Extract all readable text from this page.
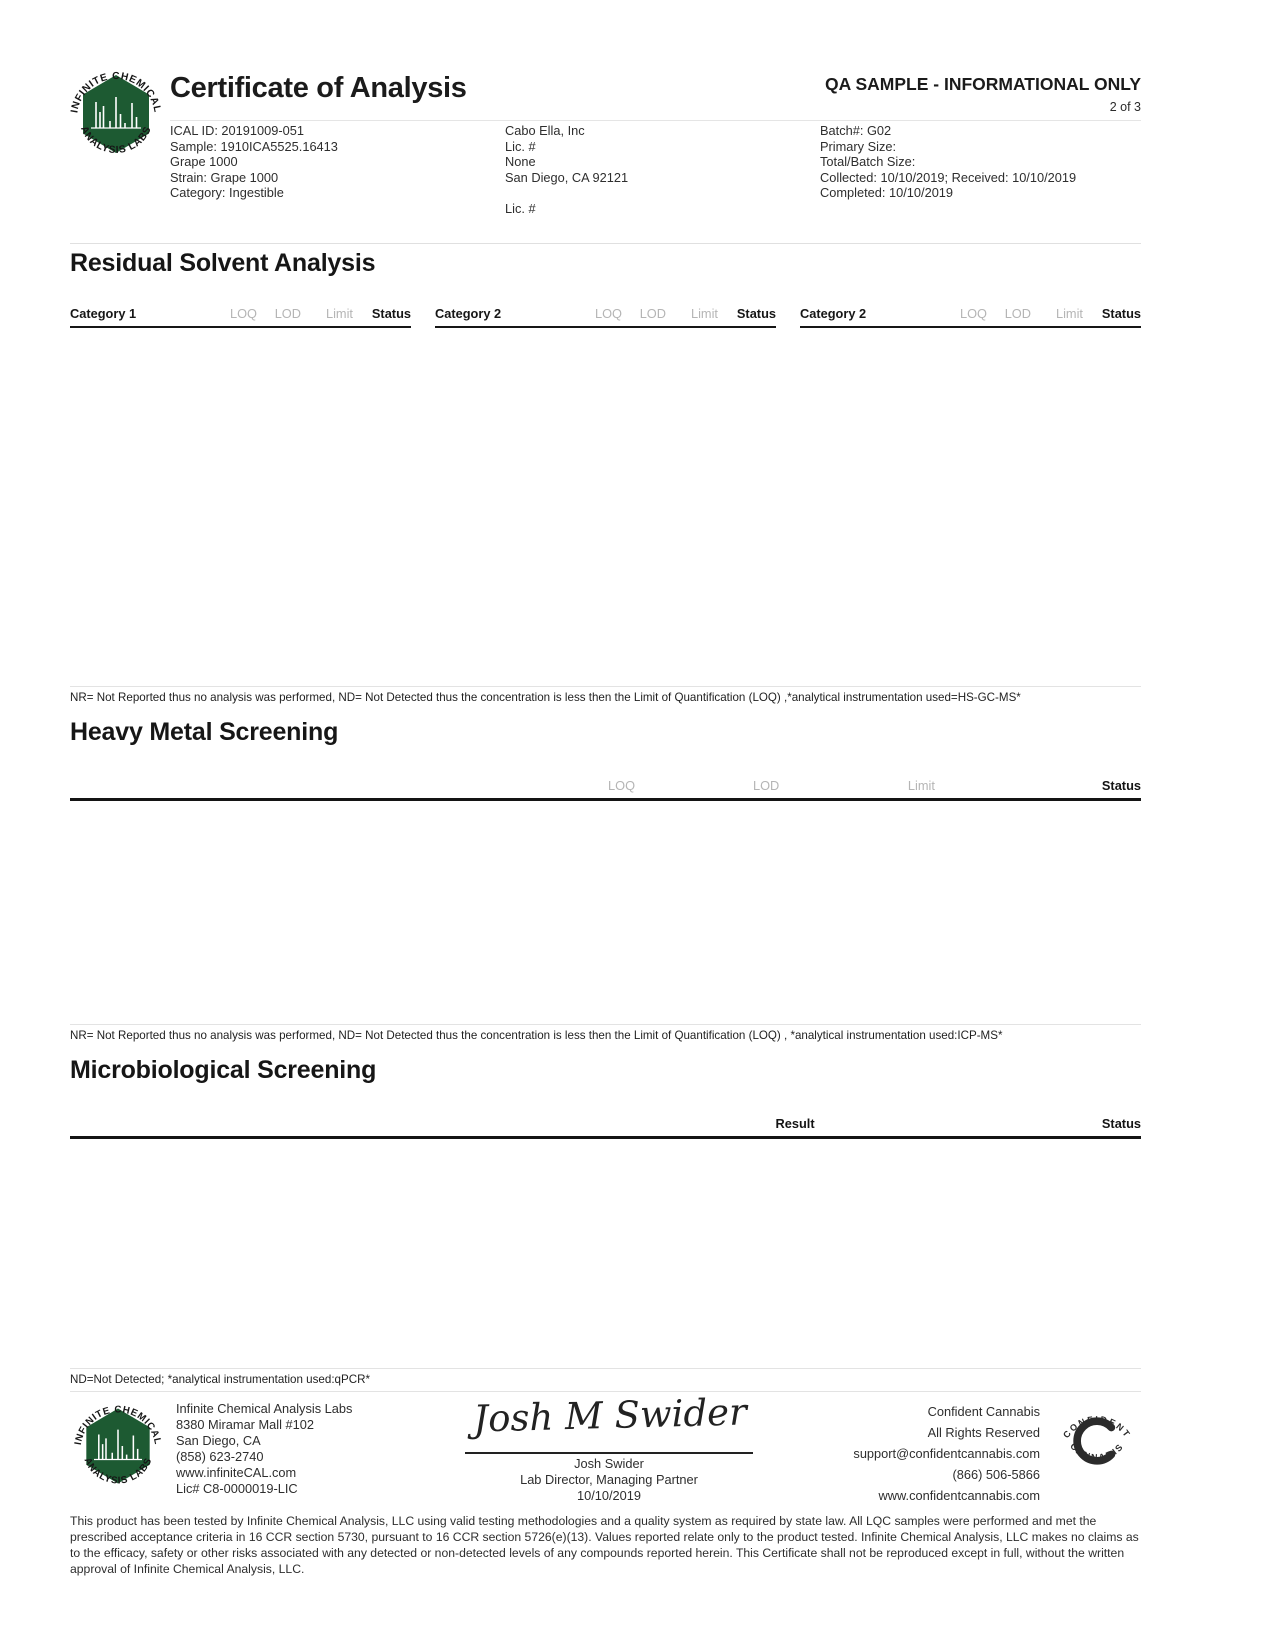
INFINITE CHEMICAL
ANALYSIS LABS
Certificate of Analysis	QA SAMPLE - INFORMATIONAL ONLY
2 of 3
ICAL ID: 20191009-051
Sample: 1910ICA5525.16413
Grape 1000
Strain: Grape 1000
Category: Ingestible
Cabo Ella, Inc
Lic. #
None
San Diego, CA 92121
Lic. #
Batch#: G02
Primary Size:
Total/Batch Size:
Collected: 10/10/2019; Received: 10/10/2019
Completed: 10/10/2019
Residual Solvent Analysis
Category 1	LOQ	LOD	Limit	Status Category 2	LOQ	LOD	Limit	Status Category 2	LOQ	LOD	Limit	Status
NR= Not Reported thus no analysis was performed, ND= Not Detected thus the concentration is less then the Limit of Quantification (LOQ) ,*analytical instrumentation used=HS-GC-MS*
Heavy Metal Screening
LOQ	LOD	Limit	Status
NR= Not Reported thus no analysis was performed, ND= Not Detected thus the concentration is less then the Limit of Quantification (LOQ) , *analytical instrumentation used:ICP-MS*
Microbiological Screening
Result	Status
ND=Not Detected; *analytical instrumentation used:qPCR*
INFINITE CHEMICAL
ANALYSIS LABS
Infinite Chemical Analysis Labs
8380 Miramar Mall #102
San Diego, CA
(858) 623-2740
www.infiniteCAL.com
Lic# C8-0000019-LIC
Josh M Swider
Josh Swider
Lab Director, Managing Partner
10/10/2019
Confident Cannabis
All Rights Reserved
support@confidentcannabis.com
(866) 506-5866
www.confidentcannabis.com
CONFIDENT
CANNABIS
This product has been tested by Infinite Chemical Analysis, LLC using valid testing methodologies and a quality system as required by state law. All LQC samples were performed and met the prescribed acceptance criteria in 16 CCR section 5730, pursuant to 16 CCR section 5726(e)(13). Values reported relate only to the product tested. Infinite Chemical Analysis, LLC makes no claims as to the efficacy, safety or other risks associated with any detected or non-detected levels of any compounds reported herein. This Certificate shall not be reproduced except in full, without the written approval of Infinite Chemical Analysis, LLC.
